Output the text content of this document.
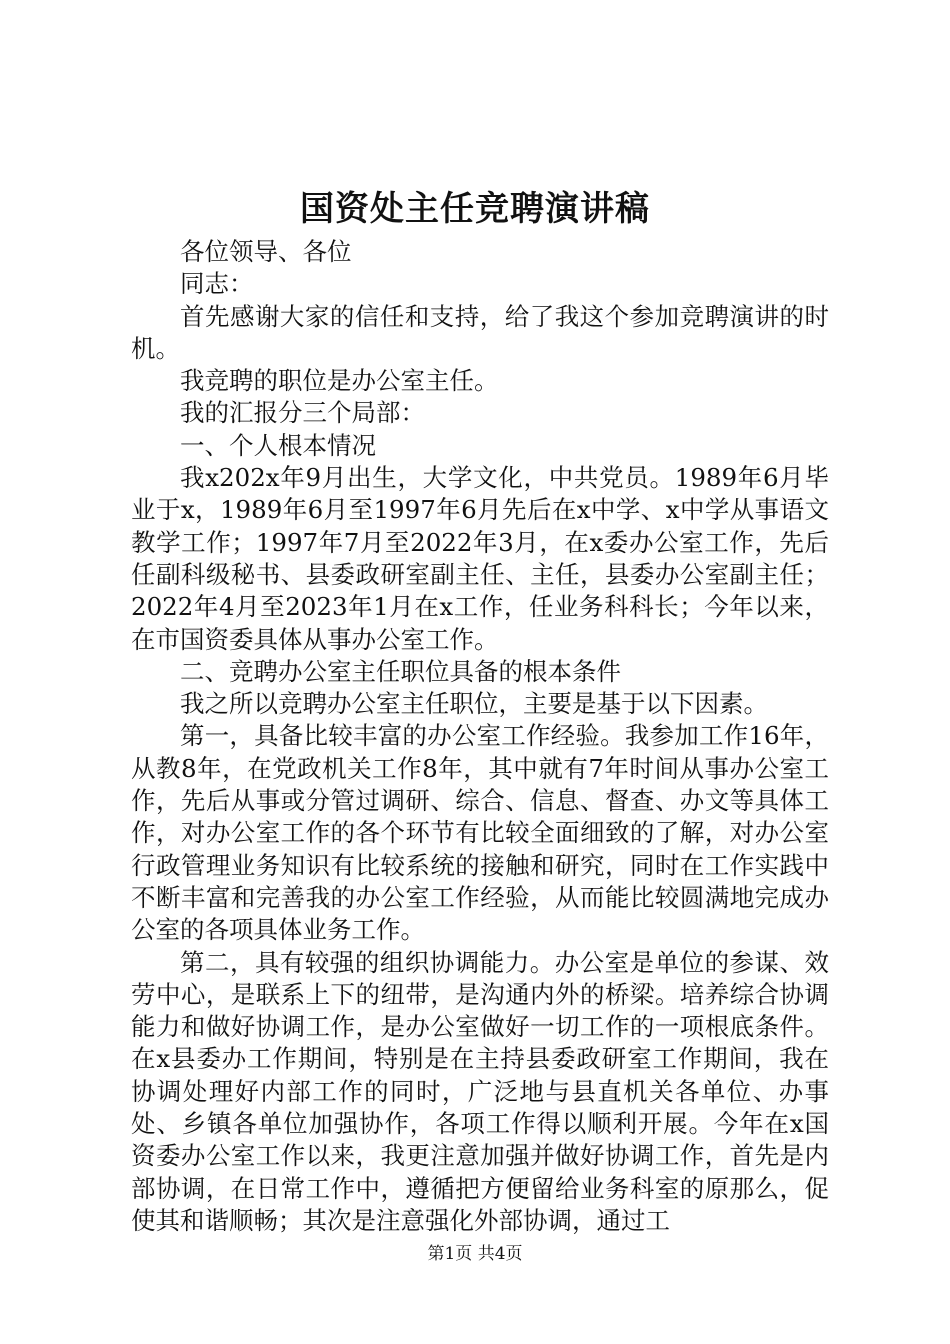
国资处主任竞聘演讲稿

各位领导、各位

同志：

首先感谢大家的信任和支持，给了我这个参加竞聘演讲的时机。

我竞聘的职位是办公室主任。

我的汇报分三个局部：

一、个人根本情况

我x202x年9月出生，大学文化，中共党员。1989年6月毕业于x，1989年6月至1997年6月先后在x中学、x中学从事语文教学工作；1997年7月至2022年3月，在x委办公室工作，先后任副科级秘书、县委政研室副主任、主任，县委办公室副主任；2022年4月至2023年1月在x工作，任业务科科长；今年以来，在市国资委具体从事办公室工作。

二、竞聘办公室主任职位具备的根本条件

我之所以竞聘办公室主任职位，主要是基于以下因素。

第一，具备比较丰富的办公室工作经验。我参加工作16年，从教8年，在党政机关工作8年，其中就有7年时间从事办公室工作，先后从事或分管过调研、综合、信息、督查、办文等具体工作，对办公室工作的各个环节有比较全面细致的了解，对办公室行政管理业务知识有比较系统的接触和研究，同时在工作实践中不断丰富和完善我的办公室工作经验，从而能比较圆满地完成办公室的各项具体业务工作。

第二，具有较强的组织协调能力。办公室是单位的参谋、效劳中心，是联系上下的纽带，是沟通内外的桥梁。培养综合协调能力和做好协调工作，是办公室做好一切工作的一项根底条件。在x县委办工作期间，特别是在主持县委政研室工作期间，我在协调处理好内部工作的同时，广泛地与县直机关各单位、办事处、乡镇各单位加强协作，各项工作得以顺利开展。今年在x国资委办公室工作以来，我更注意加强并做好协调工作，首先是内部协调，在日常工作中，遵循把方便留给业务科室的原那么，促使其和谐顺畅；其次是注意强化外部协调，通过工

第1页 共4页
